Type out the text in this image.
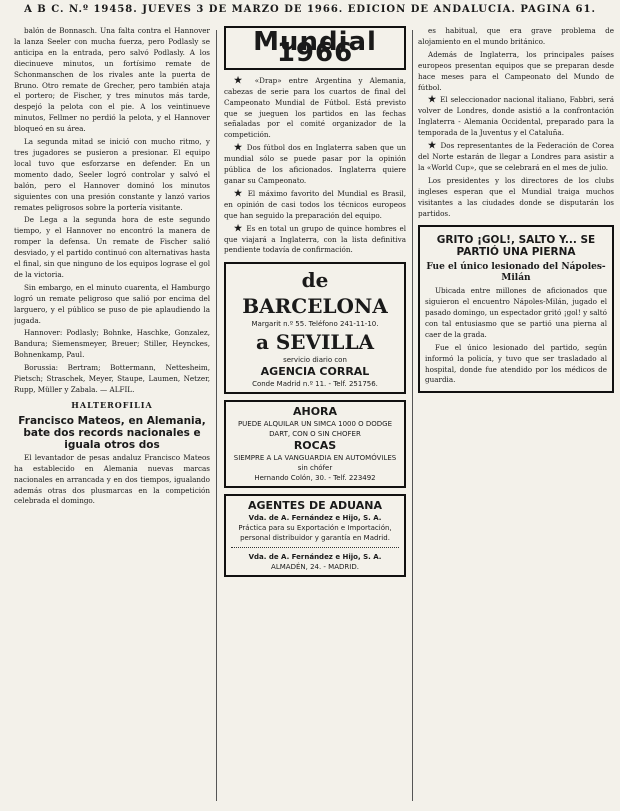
A B C. N.º 19458. JUEVES 3 DE MARZO DE 1966. EDICION DE ANDALUCIA. PAGINA 61.

balón de Bonnasch. Una falta contra el Hannover la lanza Seeler con mucha fuerza, pero Podlasly se anticipa en la entrada, pero salvó Podlasly. A los diecinueve minutos, un fortísimo remate de Schonmanschen de los rivales ante la puerta de Bruno. Otro remate de Grecher, pero también ataja el portero; de Fischer, y tres minutos más tarde, despejó la pelota con el pie. A los veintinueve minutos, Fellmer no perdió la pelota, y el Hannover bloqueó en su área.

La segunda mitad se inició con mucho ritmo, y tres jugadores se pusieron a presionar. El equipo local tuvo que esforzarse en defender. En un momento dado, Seeler logró controlar y salvó el balón, pero el Hannover dominó los minutos siguientes con una presión constante y lanzó varios remates peligrosos sobre la portería visitante.

De Lega a la segunda hora de este segundo tiempo, y el Hannover no encontró la manera de romper la defensa. Un remate de Fischer salió desviado, y el partido continuó con alternativas hasta el final, sin que ninguno de los equipos lograse el gol de la victoria.

Sin embargo, en el minuto cuarenta, el Hamburgo logró un remate peligroso que salió por encima del larguero, y el público se puso de pie aplaudiendo la jugada.

Hannover: Podlasly; Bohnke, Haschke, Gonzalez, Bandura; Siemensmeyer, Breuer; Stiller, Heynckes, Bohnenkamp, Paul.

Borussia: Bertram; Bottermann, Nettesheim, Pietsch; Straschek, Meyer, Staupe, Laumen, Netzer, Rupp, Müller y Zabala. — ALFIL.

HALTEROFILIA
Francisco Mateos, en Alemania, bate dos records nacionales e iguala otros dos

El levantador de pesas andaluz Francisco Mateos ha establecido en Alemania nuevas marcas nacionales en arrancada y en dos tiempos, igualando además otras dos plusmarcas en la competición celebrada el domingo.

Mundial 1966

★ «Drap» entre Argentina y Alemania, cabezas de serie para los cuartos de final del Campeonato Mundial de Fútbol. Está previsto que se jueguen los partidos en las fechas señaladas por el comité organizador de la competición.

★ Dos fútbol dos en Inglaterra saben que un mundial sólo se puede pasar por la opinión pública de los aficionados. Inglaterra quiere ganar su Campeonato.

★ El máximo favorito del Mundial es Brasil, en opinión de casi todos los técnicos europeos que han seguido la preparación del equipo.

★ Es en total un grupo de quince hombres el que viajará a Inglaterra, con la lista definitiva pendiente todavía de confirmación.

de BARCELONA
Margarit n.º 55. Teléfono 241-11-10.
a SEVILLA
servicio diario con
AGENCIA CORRAL
Conde Madrid n.º 11. - Telf. 251756.
AHORA
PUEDE ALQUILAR UN SIMCA 1000 O DODGE DART, CON O SIN CHOFER
ROCAS
SIEMPRE A LA VANGUARDIA EN AUTOMÓVILES sin chófer
Hernando Colón, 30. - Telf. 223492
AGENTES DE ADUANA
Vda. de A. Fernández e Hijo, S. A.
Práctica para su Exportación e Importación, personal distribuidor y garantía en Madrid.
Vda. de A. Fernández e Hijo, S. A.
ALMADÉN, 24. - MADRID.

es habitual, que era grave problema de alojamiento en el mundo británico.

Además de Inglaterra, los principales países europeos presentan equipos que se preparan desde hace meses para el Campeonato del Mundo de fútbol.

★ El seleccionador nacional italiano, Fabbri, será volver de Londres, donde asistió a la confrontación Inglaterra - Alemania Occidental, preparado para la temporada de la Juventus y el Cataluña.

★ Dos representantes de la Federación de Corea del Norte estarán de llegar a Londres para asistir a la «World Cup», que se celebrará en el mes de julio.

Los presidentes y los directores de los clubs ingleses esperan que el Mundial traiga muchos visitantes a las ciudades donde se disputarán los partidos.

GRITO ¡GOL!, SALTO Y... SE PARTIÓ UNA PIERNA
Fue el único lesionado del Nápoles-Milán

Ubicada entre millones de aficionados que siguieron el encuentro Nápoles-Milán, jugado el pasado domingo, un espectador gritó ¡gol! y saltó con tal entusiasmo que se partió una pierna al caer de la grada.

Fue el único lesionado del partido, según informó la policía, y tuvo que ser trasladado al hospital, donde fue atendido por los médicos de guardia.
